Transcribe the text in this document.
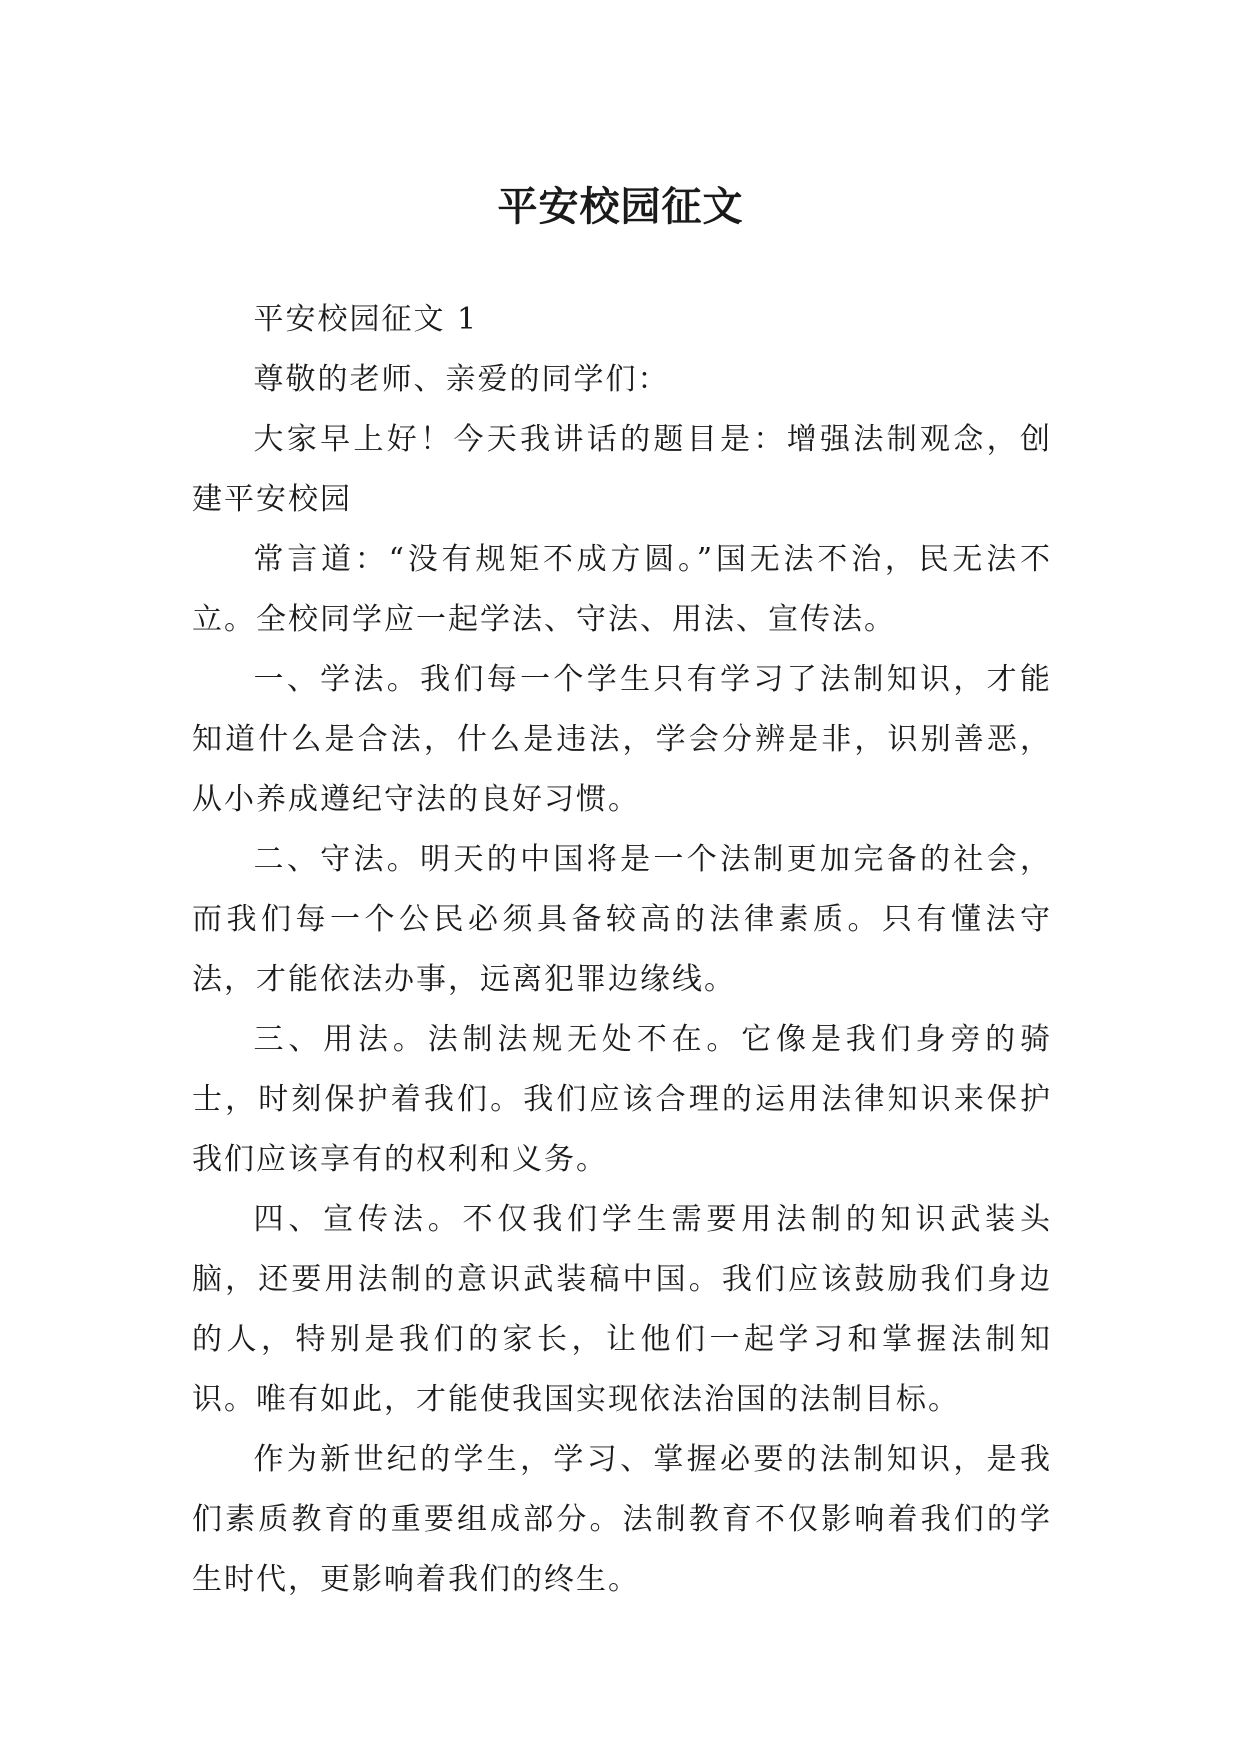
平安校园征文

平安校园征文 1

尊敬的老师、亲爱的同学们：

大家早上好！今天我讲话的题目是：增强法制观念，创建平安校园

常言道：“没有规矩不成方圆。”国无法不治，民无法不立。全校同学应一起学法、守法、用法、宣传法。

一、学法。我们每一个学生只有学习了法制知识，才能知道什么是合法，什么是违法，学会分辨是非，识别善恶，从小养成遵纪守法的良好习惯。

二、守法。明天的中国将是一个法制更加完备的社会，而我们每一个公民必须具备较高的法律素质。只有懂法守法，才能依法办事，远离犯罪边缘线。

三、用法。法制法规无处不在。它像是我们身旁的骑士，时刻保护着我们。我们应该合理的运用法律知识来保护我们应该享有的权利和义务。

四、宣传法。不仅我们学生需要用法制的知识武装头脑，还要用法制的意识武装稿中国。我们应该鼓励我们身边的人，特别是我们的家长，让他们一起学习和掌握法制知识。唯有如此，才能使我国实现依法治国的法制目标。

作为新世纪的学生，学习、掌握必要的法制知识，是我们素质教育的重要组成部分。法制教育不仅影响着我们的学生时代，更影响着我们的终生。
